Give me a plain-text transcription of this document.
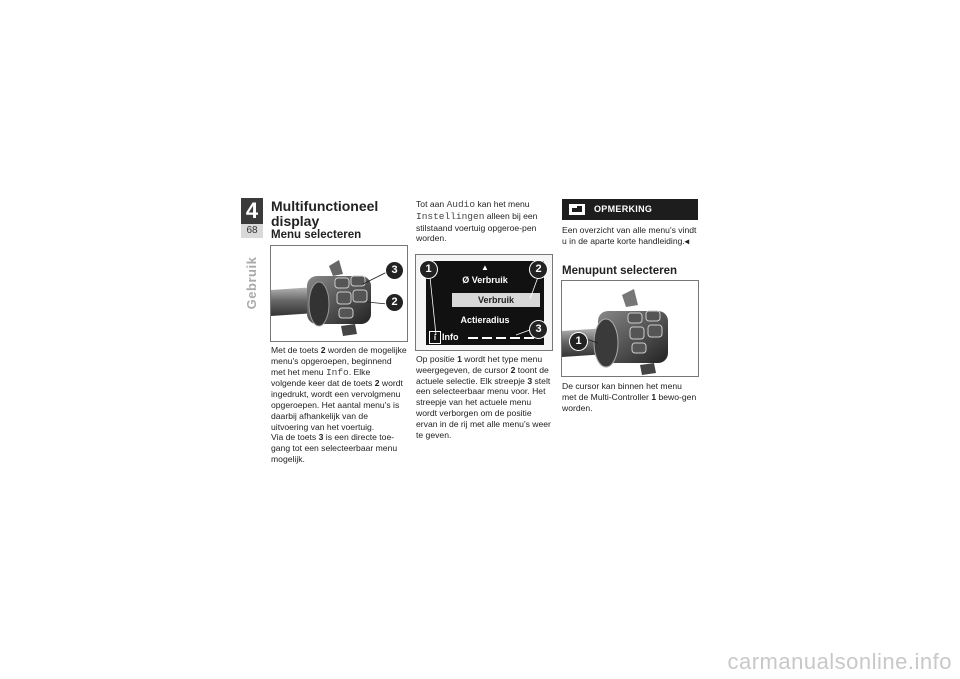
4
68
Gebruik
Multifunctioneel
display
Menu selecteren
3
2
Met de toets 2 worden de mogelijke menu's opgeroepen, beginnend met het menu Info. Elke volgende keer dat de toets 2 wordt ingedrukt, wordt een vervolgmenu opgeroepen. Het aantal menu's is daarbij afhankelijk van de uitvoering van het voertuig.
Via de toets 3 is een directe toe-gang tot een selecteerbaar menu mogelijk.
Tot aan Audio kan het menu Instellingen alleen bij een stilstaand voertuig opgeroe-pen worden.
▲
Ø Verbruik
Verbruik
Actieradius
i Info
1	2
3
Op positie 1 wordt het type menu weergegeven, de cursor 2 toont de actuele selectie. Elk streepje 3 stelt een selecteerbaar menu voor. Het streepje van het actuele menu wordt verborgen om de positie ervan in de rij met alle menu's weer te geven.
OPMERKING
Een overzicht van alle menu's vindt u in de aparte korte handleiding.◂
Menupunt selecteren
1
De cursor kan binnen het menu met de Multi-Controller 1 bewo-gen worden.
carmanualsonline.info
